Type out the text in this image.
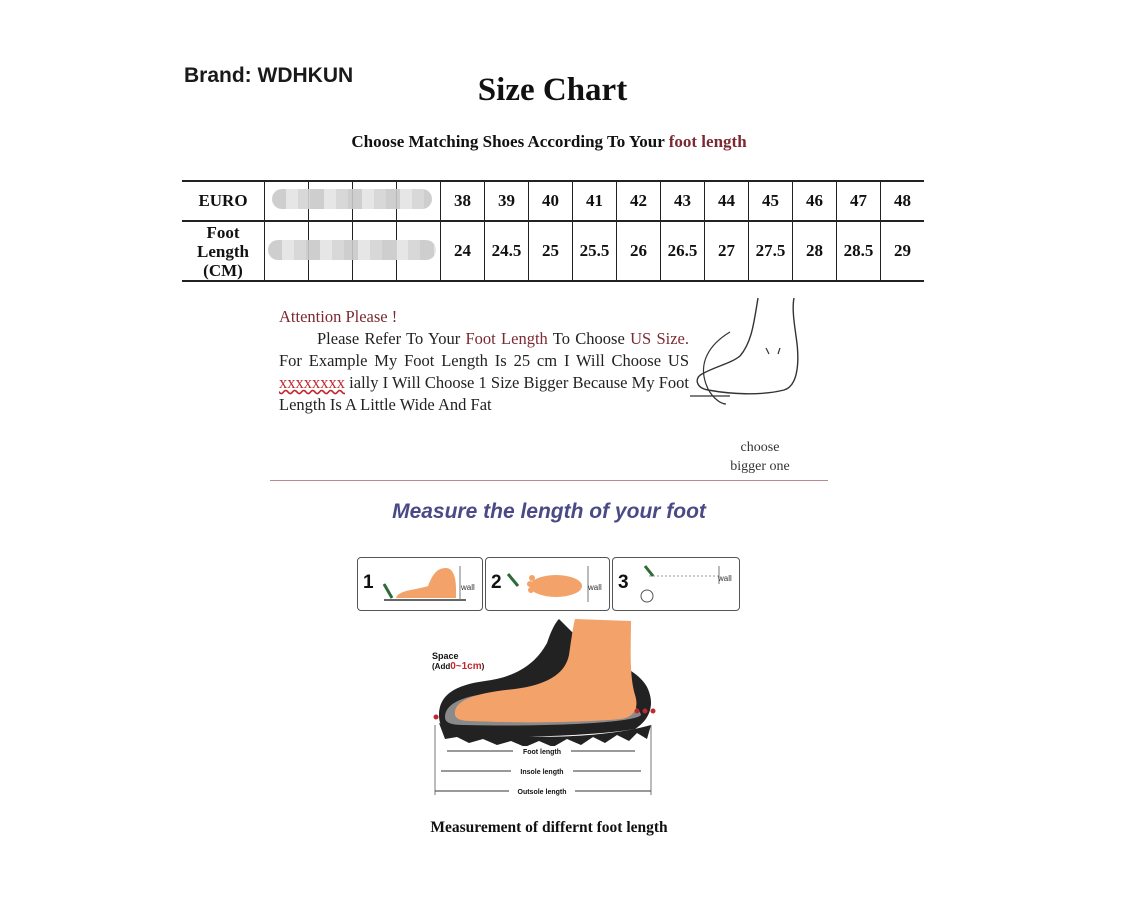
Brand: WDHKUN	Size Chart
Choose Matching Shoes According To Your foot length
EURO					38	39	40	41	42	43	44	45	46	47	48
Foot
Length
(CM)					24	24.5	25	25.5	26	26.5	27	27.5	28	28.5	29
Attention Please !
Please Refer To Your Foot Length To Choose US Size. For Example My Foot Length Is 25 cm I Will Choose US xxxxxxxx ially I Will Choose 1 Size Bigger Because My Foot Length Is A Little Wide And Fat
choose
bigger one
Measure the length of your foot
1	wall 2	wall 3	wall
Space
(Add0~1cm)
Foot length
Insole length
Outsole length
Measurement of differnt foot length
